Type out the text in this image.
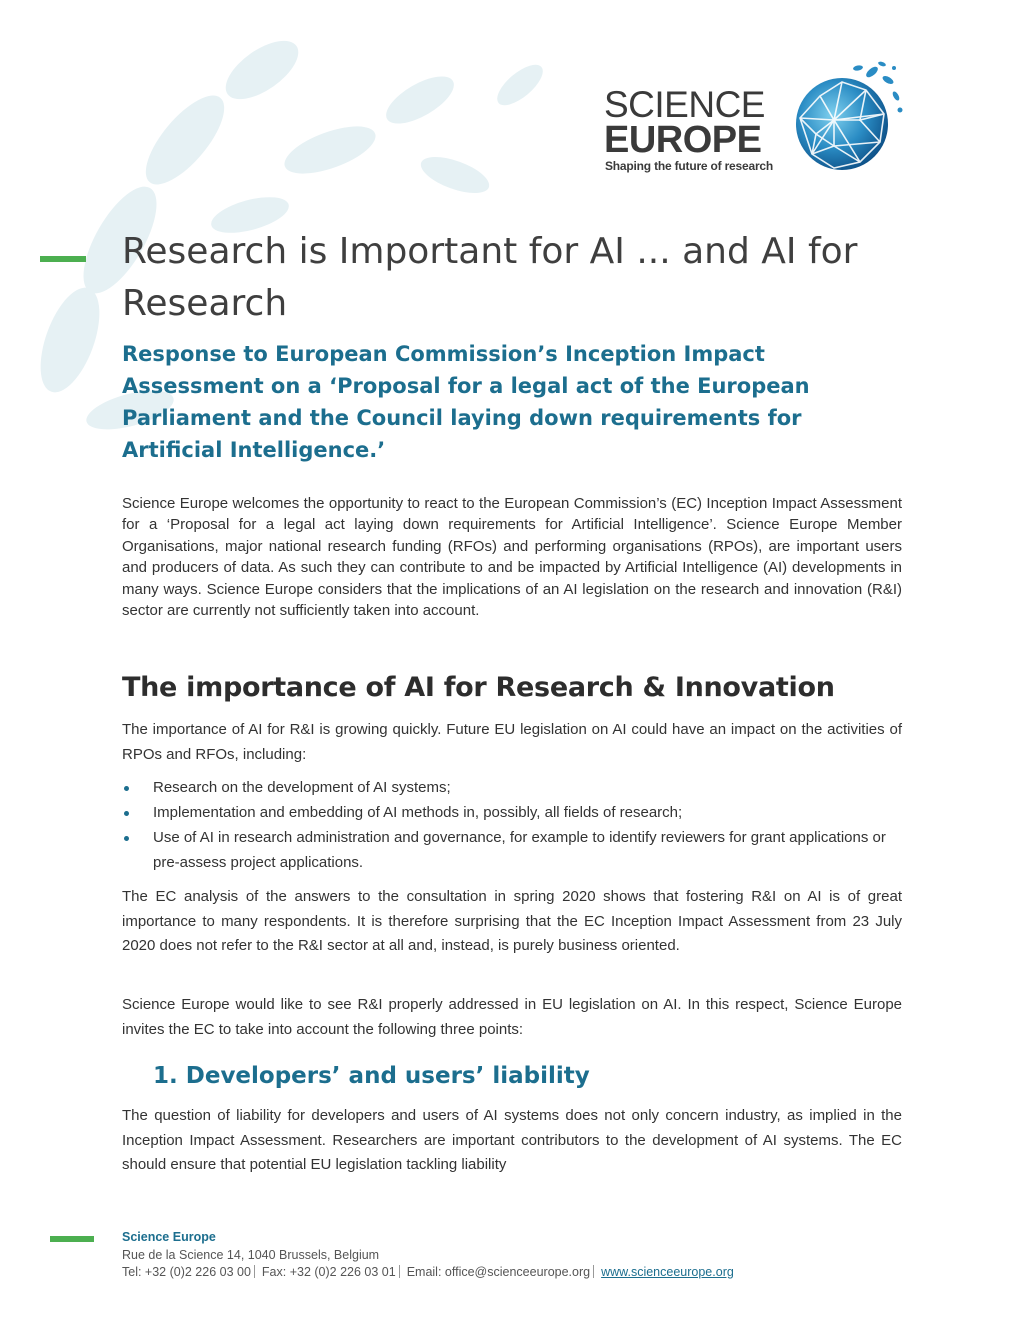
SCIENCE
EUROPE
Shaping the future of research
Research is Important for AI ... and AI for Research
Response to European Commission’s Inception Impact Assessment on a ‘Proposal for a legal act of the European Parliament and the Council laying down requirements for Artificial Intelligence.’

Science Europe welcomes the opportunity to react to the European Commission’s (EC) Inception Impact Assessment for a ‘Proposal for a legal act laying down requirements for Artificial Intelligence’. Science Europe Member Organisations, major national research funding (RFOs) and performing organisations (RPOs), are important users and producers of data. As such they can contribute to and be impacted by Artificial Intelligence (AI) developments in many ways. Science Europe considers that the implications of an AI legislation on the research and innovation (R&I) sector are currently not sufficiently taken into account.

The importance of AI for Research & Innovation

The importance of AI for R&I is growing quickly. Future EU legislation on AI could have an impact on the activities of RPOs and RFOs, including:

Research on the development of AI systems;
Implementation and embedding of AI methods in, possibly, all fields of research;
Use of AI in research administration and governance, for example to identify reviewers for grant applications or pre-assess project applications.

The EC analysis of the answers to the consultation in spring 2020 shows that fostering R&I on AI is of great importance to many respondents. It is therefore surprising that the EC Inception Impact Assessment from 23 July 2020 does not refer to the R&I sector at all and, instead, is purely business oriented.

Science Europe would like to see R&I properly addressed in EU legislation on AI. In this respect, Science Europe invites the EC to take into account the following three points:

1. Developers’ and users’ liability

The question of liability for developers and users of AI systems does not only concern industry, as implied in the Inception Impact Assessment. Researchers are important contributors to the development of AI systems. The EC should ensure that potential EU legislation tackling liability

Science Europe
Rue de la Science 14, 1040 Brussels, Belgium
Tel: +32 (0)2 226 03 00 Fax: +32 (0)2 226 03 01 Email: office@scienceeurope.org www.scienceeurope.org
